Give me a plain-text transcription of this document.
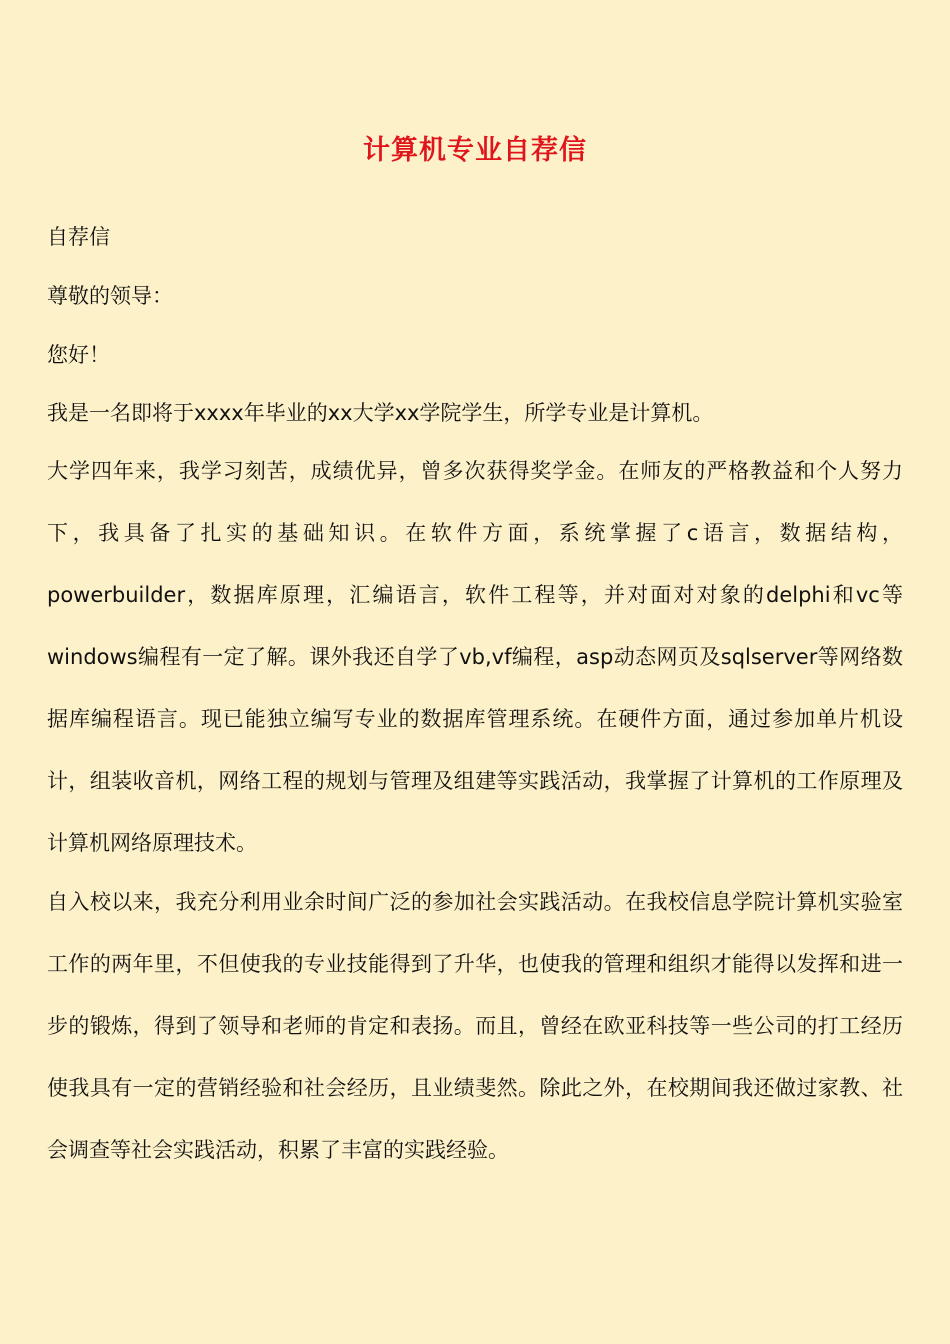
计算机专业自荐信
自荐信
尊敬的领导：
您好！
我是一名即将于xxxx年毕业的xx大学xx学院学生，所学专业是计算机。
大学四年来，我学习刻苦，成绩优异，曾多次获得奖学金。在师友的严格教益和个人努力下，我具备了扎实的基础知识。在软件方面，系统掌握了c语言，数据结构，powerbuilder，数据库原理，汇编语言，软件工程等，并对面对对象的delphi和vc等windows编程有一定了解。课外我还自学了vb,vf编程，asp动态网页及sqlserver等网络数据库编程语言。现已能独立编写专业的数据库管理系统。在硬件方面，通过参加单片机设计，组装收音机，网络工程的规划与管理及组建等实践活动，我掌握了计算机的工作原理及计算机网络原理技术。
自入校以来，我充分利用业余时间广泛的参加社会实践活动。在我校信息学院计算机实验室工作的两年里，不但使我的专业技能得到了升华，也使我的管理和组织才能得以发挥和进一步的锻炼，得到了领导和老师的肯定和表扬。而且，曾经在欧亚科技等一些公司的打工经历使我具有一定的营销经验和社会经历，且业绩斐然。除此之外，在校期间我还做过家教、社会调查等社会实践活动，积累了丰富的实践经验。
